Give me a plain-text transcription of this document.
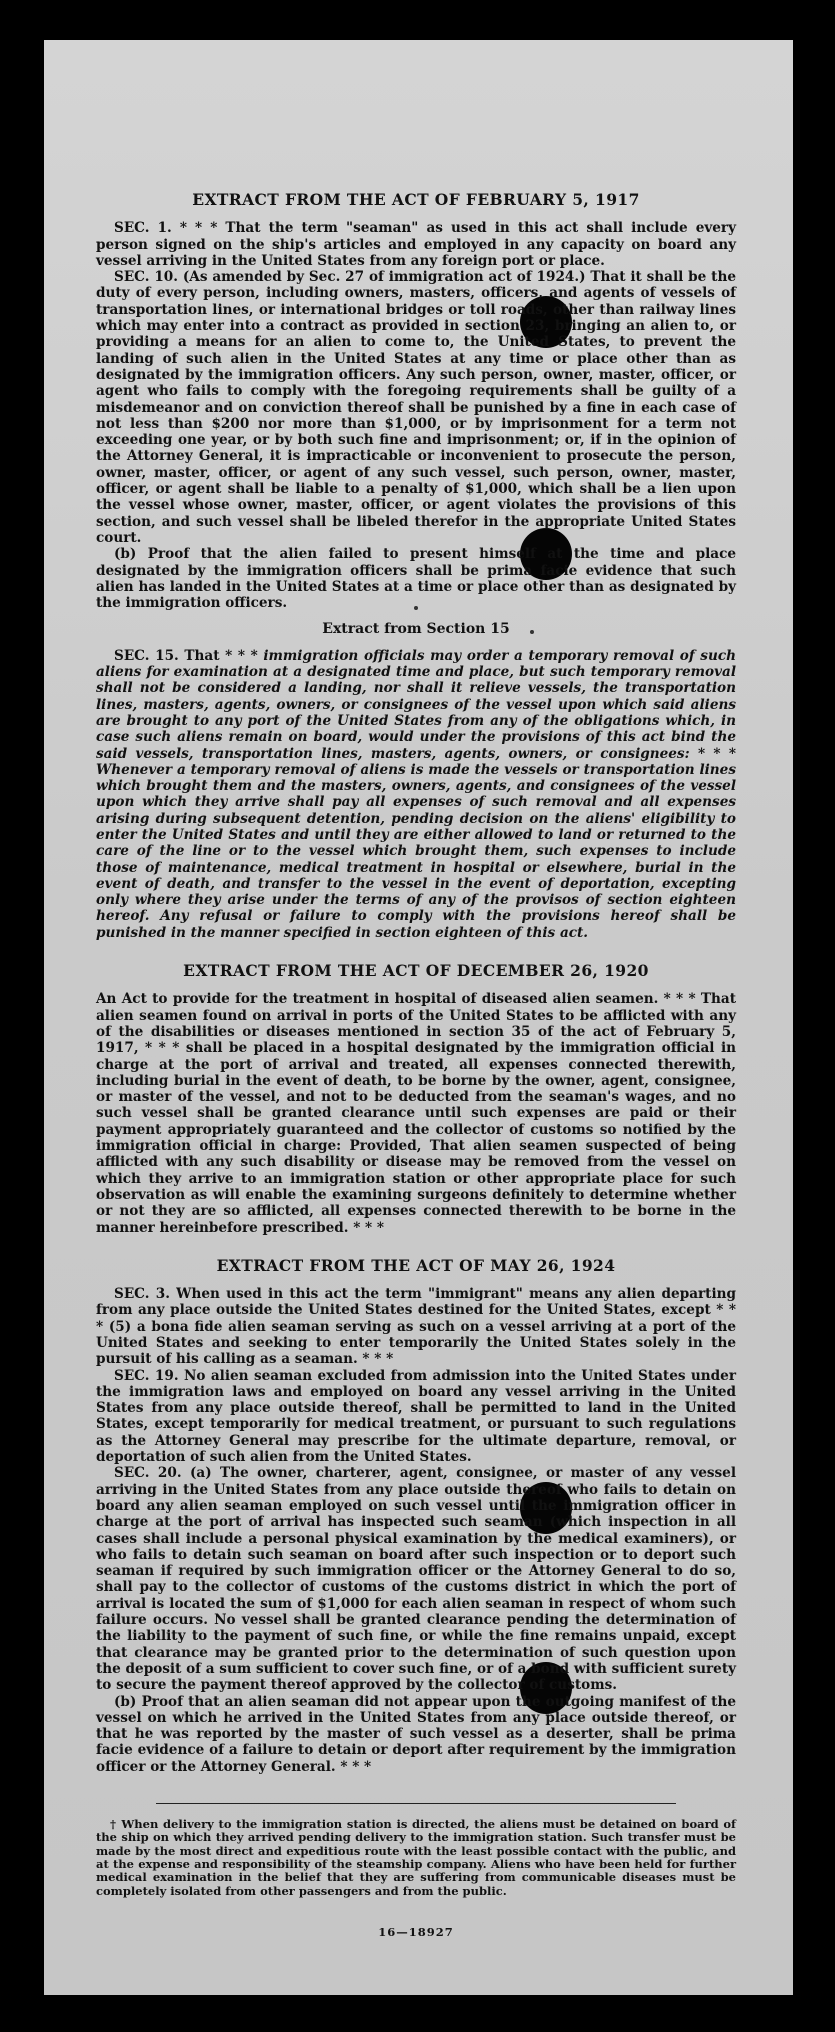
EXTRACT FROM THE ACT OF FEBRUARY 5, 1917

SEC. 1. * * * That the term "seaman" as used in this act shall include every person signed on the ship's articles and employed in any capacity on board any vessel arriving in the United States from any foreign port or place.

SEC. 10. (As amended by Sec. 27 of immigration act of 1924.) That it shall be the duty of every person, including owners, masters, officers, and agents of vessels of transportation lines, or international bridges or toll roads, other than railway lines which may enter into a contract as provided in section 23, bringing an alien to, or providing a means for an alien to come to, the United States, to prevent the landing of such alien in the United States at any time or place other than as designated by the immigration officers. Any such person, owner, master, officer, or agent who fails to comply with the foregoing requirements shall be guilty of a misdemeanor and on conviction thereof shall be punished by a fine in each case of not less than $200 nor more than $1,000, or by imprisonment for a term not exceeding one year, or by both such fine and imprisonment; or, if in the opinion of the Attorney General, it is impracticable or inconvenient to prosecute the person, owner, master, officer, or agent of any such vessel, such person, owner, master, officer, or agent shall be liable to a penalty of $1,000, which shall be a lien upon the vessel whose owner, master, officer, or agent violates the provisions of this section, and such vessel shall be libeled therefor in the appropriate United States court.

(b) Proof that the alien failed to present himself at the time and place designated by the immigration officers shall be prima facie evidence that such alien has landed in the United States at a time or place other than as designated by the immigration officers.

Extract from Section 15

SEC. 15. That * * * immigration officials may order a temporary removal of such aliens for examination at a designated time and place, but such temporary removal shall not be considered a landing, nor shall it relieve vessels, the transportation lines, masters, agents, owners, or consignees of the vessel upon which said aliens are brought to any port of the United States from any of the obligations which, in case such aliens remain on board, would under the provisions of this act bind the said vessels, transportation lines, masters, agents, owners, or consignees: * * * Whenever a temporary removal of aliens is made the vessels or transportation lines which brought them and the masters, owners, agents, and consignees of the vessel upon which they arrive shall pay all expenses of such removal and all expenses arising during subsequent detention, pending decision on the aliens' eligibility to enter the United States and until they are either allowed to land or returned to the care of the line or to the vessel which brought them, such expenses to include those of maintenance, medical treatment in hospital or elsewhere, burial in the event of death, and transfer to the vessel in the event of deportation, excepting only where they arise under the terms of any of the provisos of section eighteen hereof. Any refusal or failure to comply with the provisions hereof shall be punished in the manner specified in section eighteen of this act.

EXTRACT FROM THE ACT OF DECEMBER 26, 1920

An Act to provide for the treatment in hospital of diseased alien seamen. * * * That alien seamen found on arrival in ports of the United States to be afflicted with any of the disabilities or diseases mentioned in section 35 of the act of February 5, 1917, * * * shall be placed in a hospital designated by the immigration official in charge at the port of arrival and treated, all expenses connected therewith, including burial in the event of death, to be borne by the owner, agent, consignee, or master of the vessel, and not to be deducted from the seaman's wages, and no such vessel shall be granted clearance until such expenses are paid or their payment appropriately guaranteed and the collector of customs so notified by the immigration official in charge: Provided, That alien seamen suspected of being afflicted with any such disability or disease may be removed from the vessel on which they arrive to an immigration station or other appropriate place for such observation as will enable the examining surgeons definitely to determine whether or not they are so afflicted, all expenses connected therewith to be borne in the manner hereinbefore prescribed. * * *

EXTRACT FROM THE ACT OF MAY 26, 1924

SEC. 3. When used in this act the term "immigrant" means any alien departing from any place outside the United States destined for the United States, except * * * (5) a bona fide alien seaman serving as such on a vessel arriving at a port of the United States and seeking to enter temporarily the United States solely in the pursuit of his calling as a seaman. * * *

SEC. 19. No alien seaman excluded from admission into the United States under the immigration laws and employed on board any vessel arriving in the United States from any place outside thereof, shall be permitted to land in the United States, except temporarily for medical treatment, or pursuant to such regulations as the Attorney General may prescribe for the ultimate departure, removal, or deportation of such alien from the United States.

SEC. 20. (a) The owner, charterer, agent, consignee, or master of any vessel arriving in the United States from any place outside thereof who fails to detain on board any alien seaman employed on such vessel until the immigration officer in charge at the port of arrival has inspected such seaman (which inspection in all cases shall include a personal physical examination by the medical examiners), or who fails to detain such seaman on board after such inspection or to deport such seaman if required by such immigration officer or the Attorney General to do so, shall pay to the collector of customs of the customs district in which the port of arrival is located the sum of $1,000 for each alien seaman in respect of whom such failure occurs. No vessel shall be granted clearance pending the determination of the liability to the payment of such fine, or while the fine remains unpaid, except that clearance may be granted prior to the determination of such question upon the deposit of a sum sufficient to cover such fine, or of a bond with sufficient surety to secure the payment thereof approved by the collector of customs.

(b) Proof that an alien seaman did not appear upon the outgoing manifest of the vessel on which he arrived in the United States from any place outside thereof, or that he was reported by the master of such vessel as a deserter, shall be prima facie evidence of a failure to detain or deport after requirement by the immigration officer or the Attorney General. * * *

† When delivery to the immigration station is directed, the aliens must be detained on board of the ship on which they arrived pending delivery to the immigration station. Such transfer must be made by the most direct and expeditious route with the least possible contact with the public, and at the expense and responsibility of the steamship company. Aliens who have been held for further medical examination in the belief that they are suffering from communicable diseases must be completely isolated from other passengers and from the public.

16—18927
